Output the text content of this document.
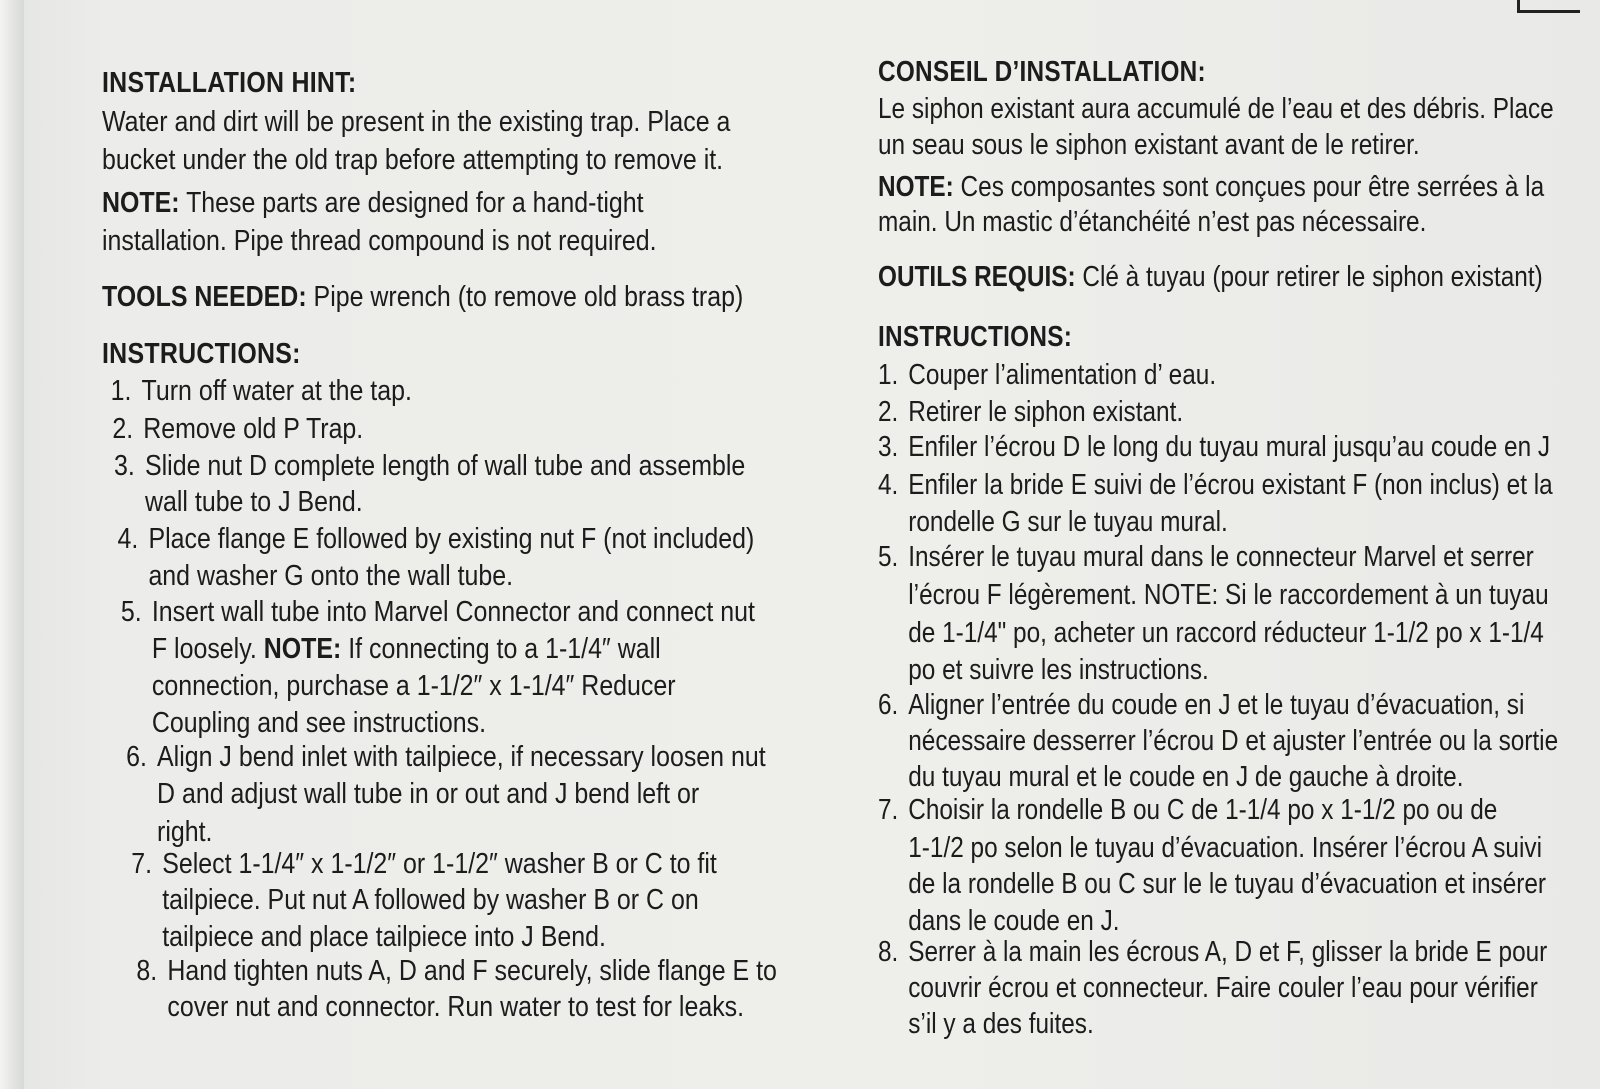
INSTALLATION HINT:
Water and dirt will be present in the existing trap. Place a
bucket under the old trap before attempting to remove it.
NOTE: These parts are designed for a hand-tight
installation. Pipe thread compound is not required.
TOOLS NEEDED: Pipe wrench (to remove old brass trap)
INSTRUCTIONS:
1. Turn off water at the tap.
2. Remove old P Trap.
3. Slide nut D complete length of wall tube and assemble
wall tube to J Bend.
4. Place flange E followed by existing nut F (not included)
and washer G onto the wall tube.
5. Insert wall tube into Marvel Connector and connect nut
F loosely. NOTE: If connecting to a 1-1/4″ wall
connection, purchase a 1-1/2″ x 1-1/4″ Reducer
Coupling and see instructions.
6. Align J bend inlet with tailpiece, if necessary loosen nut
D and adjust wall tube in or out and J bend left or
right.
7. Select 1-1/4″ x 1-1/2″ or 1-1/2″ washer B or C to fit
tailpiece. Put nut A followed by washer B or C on
tailpiece and place tailpiece into J Bend.
8. Hand tighten nuts A, D and F securely, slide flange E to
cover nut and connector. Run water to test for leaks.
CONSEIL D’INSTALLATION:
Le siphon existant aura accumulé de l’eau et des débris. Place
un seau sous le siphon existant avant de le retirer.
NOTE: Ces composantes sont conçues pour être serrées à la
main. Un mastic d’étanchéité n’est pas nécessaire.
OUTILS REQUIS: Clé à tuyau (pour retirer le siphon existant)
INSTRUCTIONS:
1. Couper l’alimentation d’ eau.
2. Retirer le siphon existant.
3. Enfiler l’écrou D le long du tuyau mural jusqu’au coude en J
4. Enfiler la bride E suivi de l’écrou existant F (non inclus) et la
rondelle G sur le tuyau mural.
5. Insérer le tuyau mural dans le connecteur Marvel et serrer
l’écrou F légèrement. NOTE: Si le raccordement à un tuyau
de 1-1/4" po, acheter un raccord réducteur 1-1/2 po x 1-1/4
po et suivre les instructions.
6. Aligner l’entrée du coude en J et le tuyau d’évacuation, si
nécessaire desserrer l’écrou D et ajuster l’entrée ou la sortie
du tuyau mural et le coude en J de gauche à droite.
7. Choisir la rondelle B ou C de 1-1/4 po x 1-1/2 po ou de
1-1/2 po selon le tuyau d’évacuation. Insérer l’écrou A suivi
de la rondelle B ou C sur le le tuyau d’évacuation et insérer
dans le coude en J.
8. Serrer à la main les écrous A, D et F, glisser la bride E pour
couvrir écrou et connecteur. Faire couler l’eau pour vérifier
s’il y a des fuites.
